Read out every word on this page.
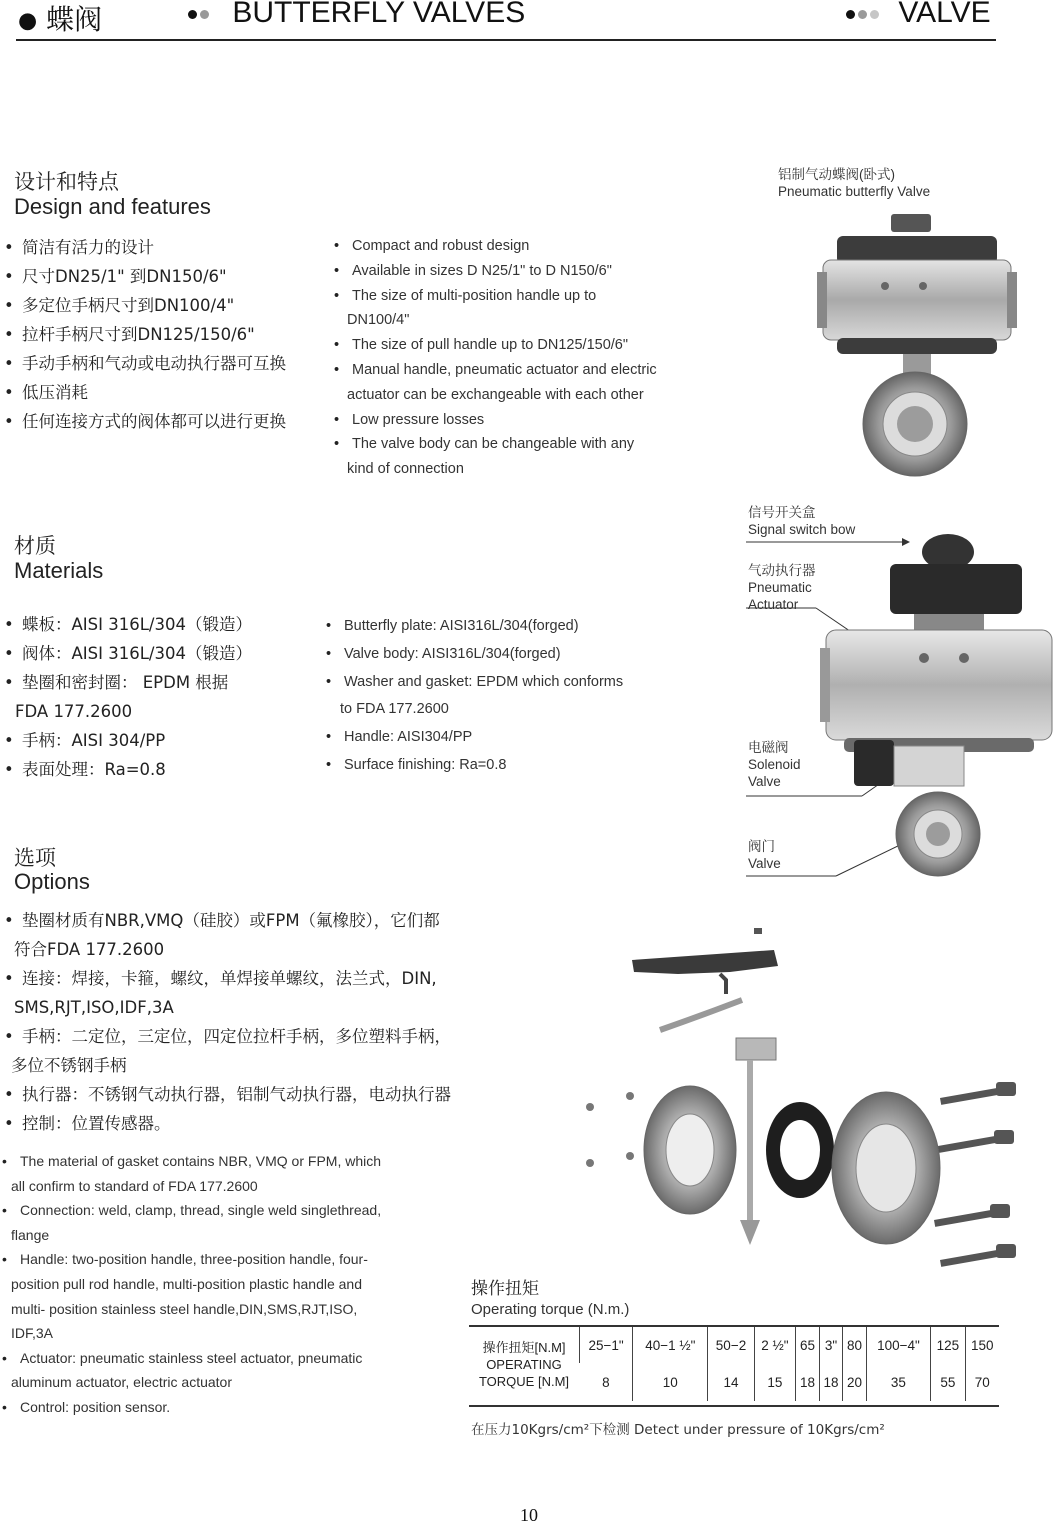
● 蝶阀	BUTTERFLY VALVES	VALVE
设计和特点
Design and features
• 简洁有活力的设计
• 尺寸DN25/1" 到DN150/6"
• 多定位手柄尺寸到DN100/4"
• 拉杆手柄尺寸到DN125/150/6"
• 手动手柄和气动或电动执行器可互换
• 低压消耗
• 任何连接方式的阀体都可以进行更换
• Compact and robust design
• Available in sizes D N25/1" to D N150/6"
• The size of multi-position handle up to
DN100/4"
• The size of pull handle up to DN125/150/6"
• Manual handle, pneumatic actuator and electric
actuator can be exchangeable with each other
• Low pressure losses
• The valve body can be changeable with any
kind of connection
铝制气动蝶阀(卧式)
Pneumatic butterfly Valve
材质
Materials
• 蝶板：AISI 316L/304（锻造）
• 阀体：AISI 316L/304（锻造）
• 垫圈和密封圈： EPDM 根据
FDA 177.2600
• 手柄：AISI 304/PP
• 表面处理：Ra=0.8
• Butterfly plate: AISI316L/304(forged)
• Valve body: AISI316L/304(forged)
• Washer and gasket: EPDM which conforms
to FDA 177.2600
• Handle: AISI304/PP
• Surface finishing: Ra=0.8
信号开关盒
Signal switch bow
气动执行器
Pneumatic
Actuator
电磁阀
Solenoid
Valve
阀门
Valve
选项
Options
• 垫圈材质有NBR,VMQ（硅胶）或FPM（氟橡胶），它们都
符合FDA 177.2600
• 连接：焊接，卡箍，螺纹，单焊接单螺纹，法兰式，DIN,
SMS,RJT,ISO,IDF,3A
• 手柄：二定位，三定位，四定位拉杆手柄，多位塑料手柄，
多位不锈钢手柄
• 执行器：不锈钢气动执行器，铝制气动执行器，电动执行器
• 控制：位置传感器。
• The material of gasket contains NBR, VMQ or FPM, which
all confirm to standard of FDA 177.2600
• Connection: weld, clamp, thread, single weld singlethread,
flange
• Handle: two-position handle, three-position handle, four-
position pull rod handle, multi-position plastic handle and
multi- position stainless steel handle,DIN,SMS,RJT,ISO,
IDF,3A
• Actuator: pneumatic stainless steel actuator, pneumatic
aluminum actuator, electric actuator
• Control: position sensor.
操作扭矩
Operating torque (N.m.)
操作扭矩[N.M]
OPERATING
TORQUE [N.M]	25−1"	40−1 ½"	50−2	2 ½"	65	3"	80	100−4"	125	150
	8	10	14	15	18	18	20	35	55	70
在压力10Kgrs/cm²下检测 Detect under pressure of 10Kgrs/cm²
10
